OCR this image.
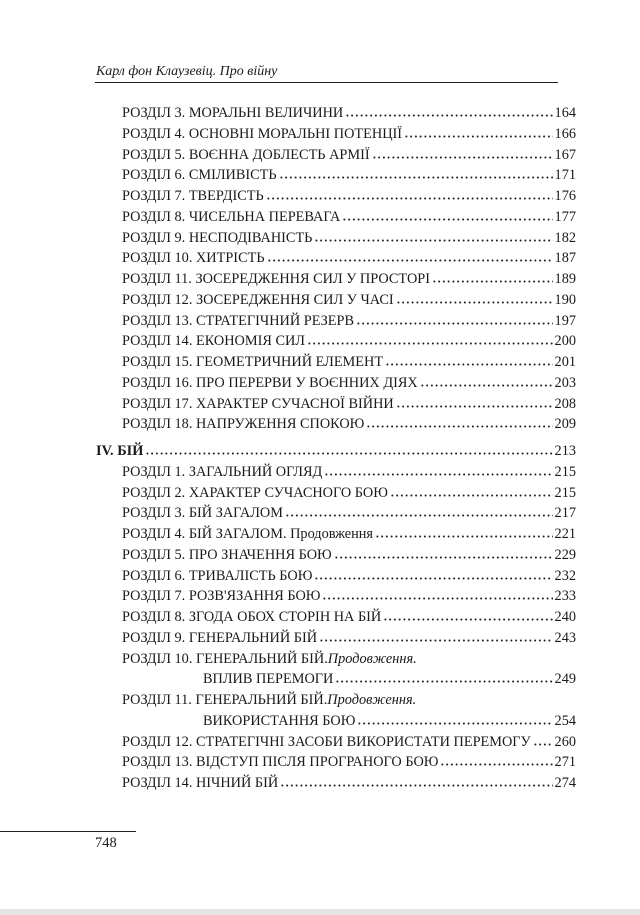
Карл фон Клаузевіц. Про війну
РОЗДІЛ 3. МОРАЛЬНІ ВЕЛИЧИНИ	164
РОЗДІЛ 4. ОСНОВНІ МОРАЛЬНІ ПОТЕНЦІЇ	166
РОЗДІЛ 5. ВОЄННА ДОБЛЕСТЬ АРМІЇ	167
РОЗДІЛ 6. СМІЛИВІСТЬ	171
РОЗДІЛ 7. ТВЕРДІСТЬ	176
РОЗДІЛ 8. ЧИСЕЛЬНА ПЕРЕВАГА	177
РОЗДІЛ 9. НЕСПОДІВАНІСТЬ	182
РОЗДІЛ 10. ХИТРІСТЬ	187
РОЗДІЛ 11. ЗОСЕРЕДЖЕННЯ СИЛ У ПРОСТОРІ	189
РОЗДІЛ 12. ЗОСЕРЕДЖЕННЯ СИЛ У ЧАСІ	190
РОЗДІЛ 13. СТРАТЕГІЧНИЙ РЕЗЕРВ	197
РОЗДІЛ 14. ЕКОНОМІЯ СИЛ	200
РОЗДІЛ 15. ГЕОМЕТРИЧНИЙ ЕЛЕМЕНТ	201
РОЗДІЛ 16. ПРО ПЕРЕРВИ У ВОЄННИХ ДІЯХ	203
РОЗДІЛ 17. ХАРАКТЕР СУЧАСНОЇ ВІЙНИ	208
РОЗДІЛ 18. НАПРУЖЕННЯ СПОКОЮ	209
IV. БІЙ	213
РОЗДІЛ 1. ЗАГАЛЬНИЙ ОГЛЯД	215
РОЗДІЛ 2. ХАРАКТЕР СУЧАСНОГО БОЮ	215
РОЗДІЛ 3. БІЙ ЗАГАЛОМ	217
РОЗДІЛ 4. БІЙ ЗАГАЛОМ. Продовження	221
РОЗДІЛ 5. ПРО ЗНАЧЕННЯ БОЮ	229
РОЗДІЛ 6. ТРИВАЛІСТЬ БОЮ	232
РОЗДІЛ 7. РОЗВ'ЯЗАННЯ БОЮ	233
РОЗДІЛ 8. ЗГОДА ОБОХ СТОРІН НА БІЙ	240
РОЗДІЛ 9. ГЕНЕРАЛЬНИЙ БІЙ	243
РОЗДІЛ 10. ГЕНЕРАЛЬНИЙ БІЙ. Продовження.
ВПЛИВ ПЕРЕМОГИ	249
РОЗДІЛ 11. ГЕНЕРАЛЬНИЙ БІЙ. Продовження.
ВИКОРИСТАННЯ БОЮ	254
РОЗДІЛ 12. СТРАТЕГІЧНІ ЗАСОБИ ВИКОРИСТАТИ ПЕРЕМОГУ 260
РОЗДІЛ 13. ВІДСТУП ПІСЛЯ ПРОГРАНОГО БОЮ	271
РОЗДІЛ 14. НІЧНИЙ БІЙ	274
748
